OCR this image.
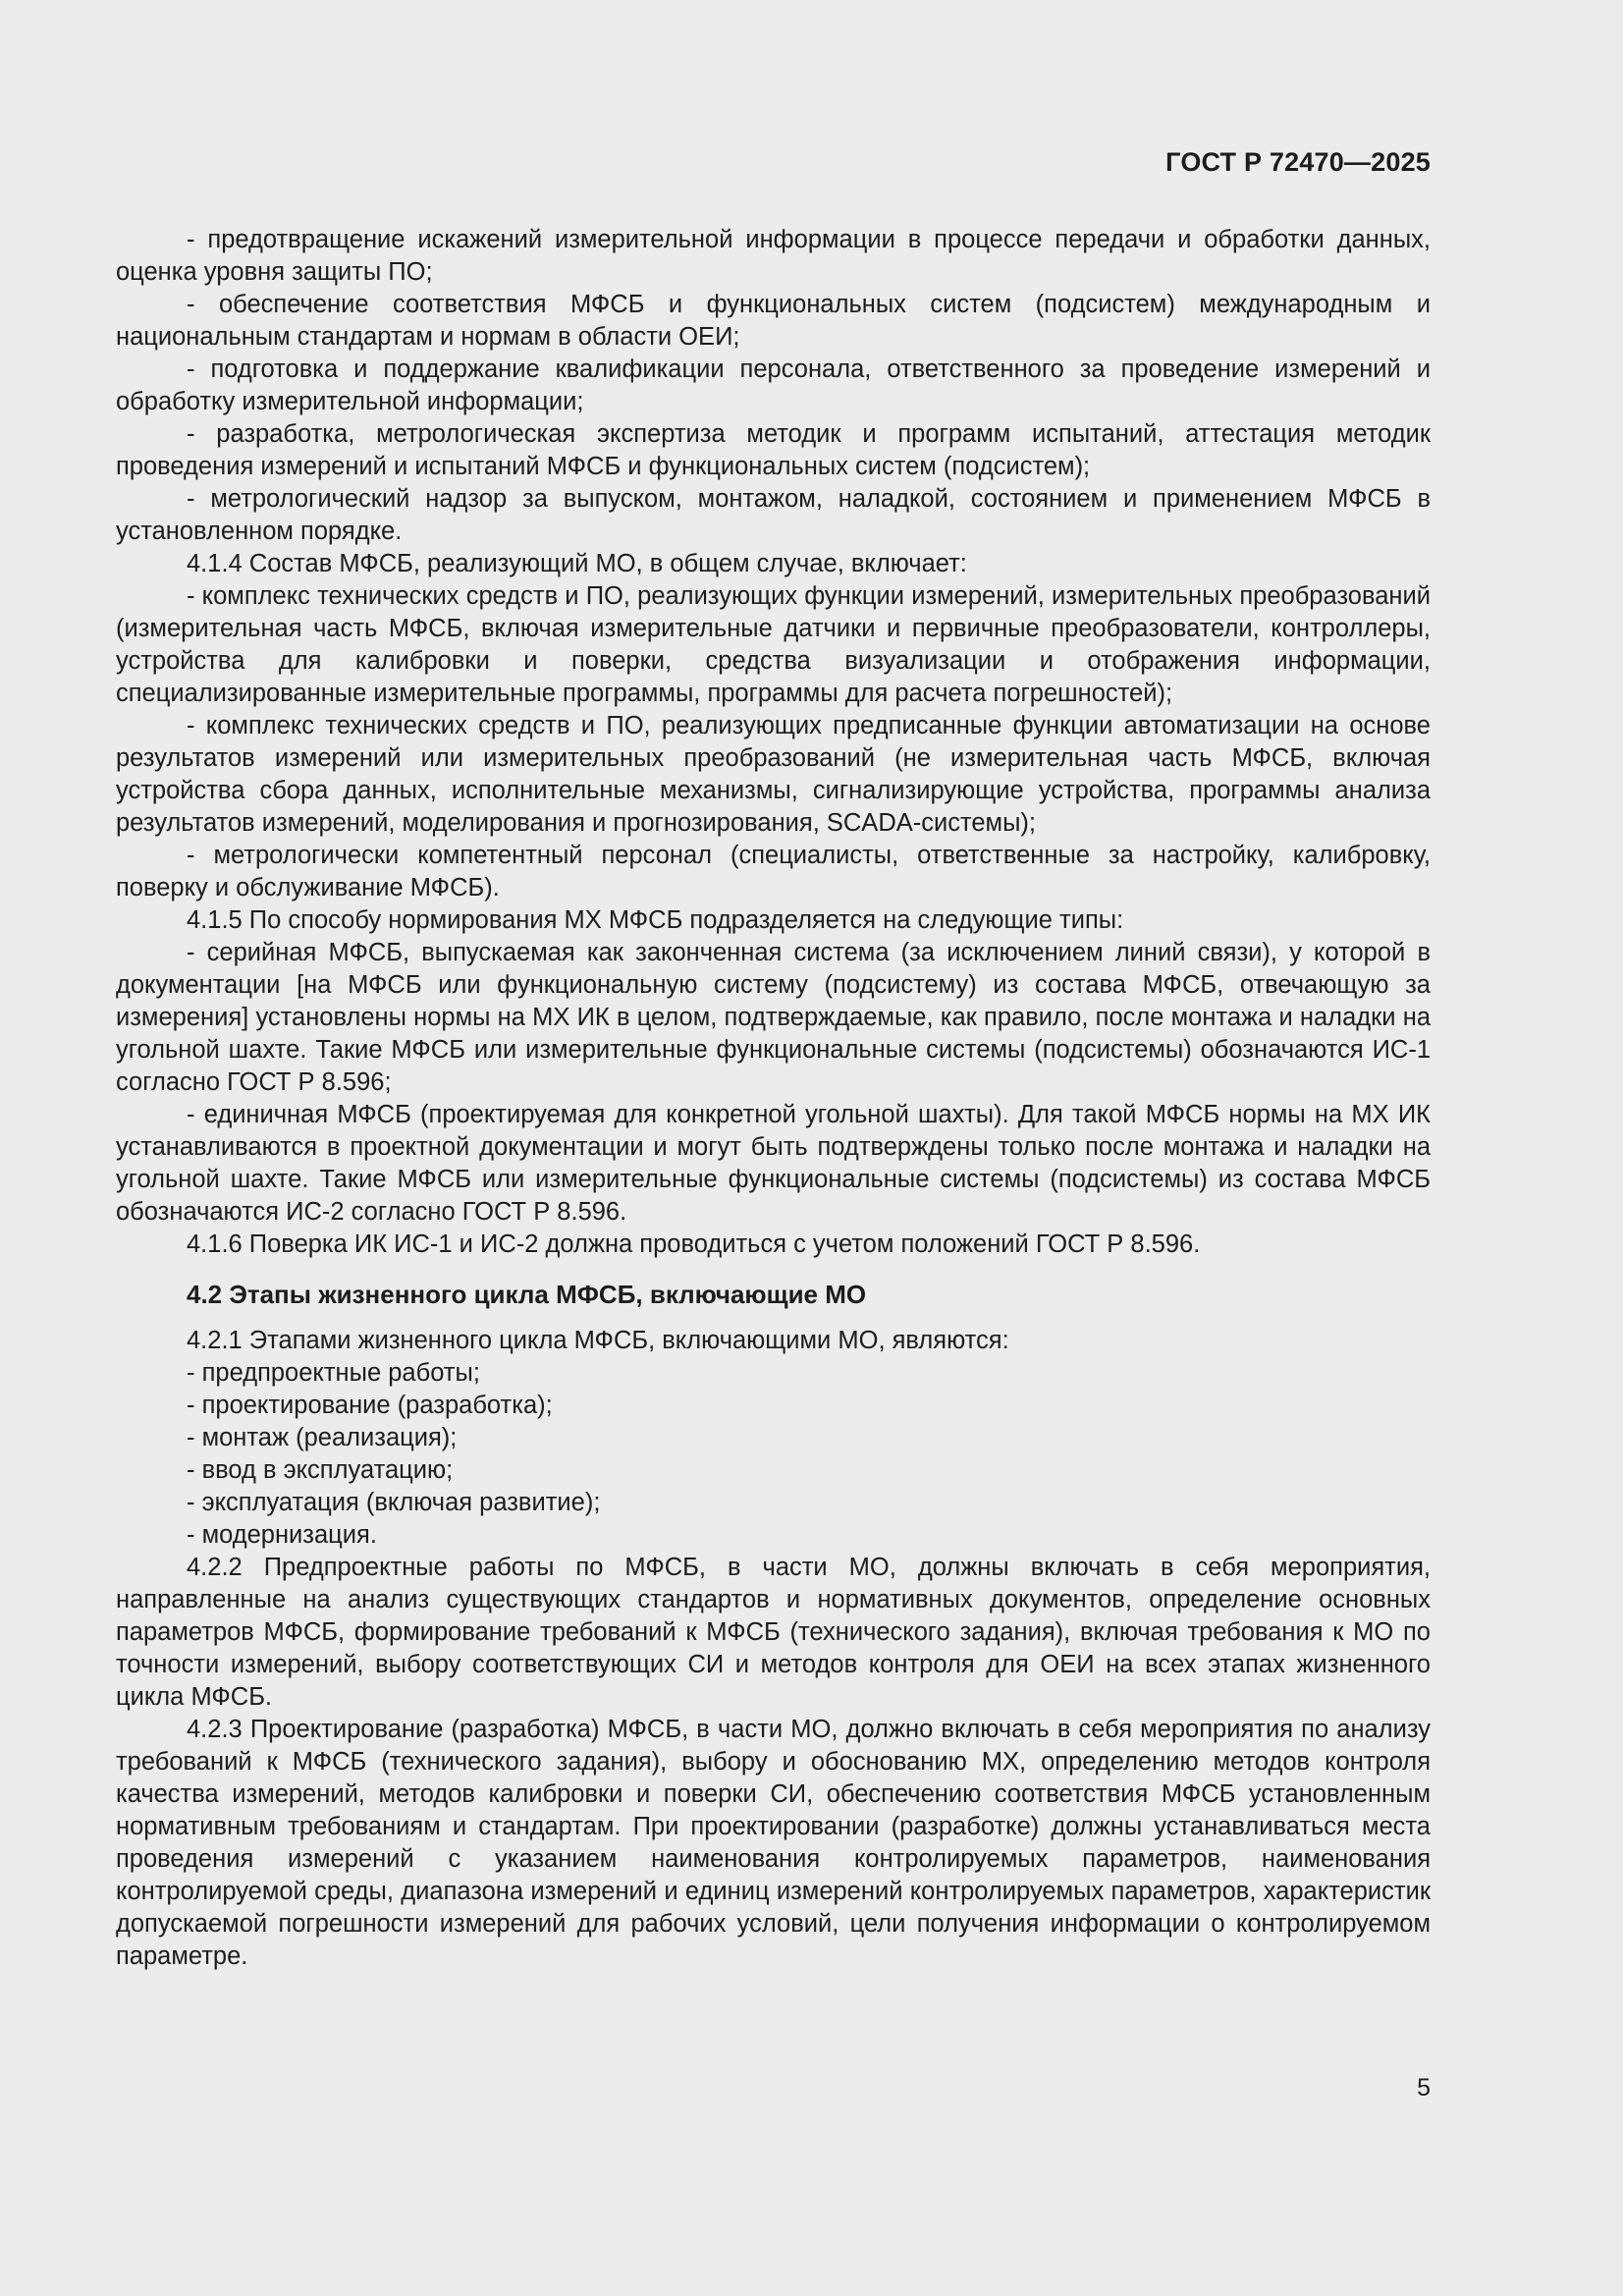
ГОСТ Р 72470—2025

- предотвращение искажений измерительной информации в процессе передачи и обработки данных, оценка уровня защиты ПО;

- обеспечение соответствия МФСБ и функциональных систем (подсистем) международным и национальным стандартам и нормам в области ОЕИ;

- подготовка и поддержание квалификации персонала, ответственного за проведение измерений и обработку измерительной информации;

- разработка, метрологическая экспертиза методик и программ испытаний, аттестация методик проведения измерений и испытаний МФСБ и функциональных систем (подсистем);

- метрологический надзор за выпуском, монтажом, наладкой, состоянием и применением МФСБ в установленном порядке.

4.1.4 Состав МФСБ, реализующий МО, в общем случае, включает:

- комплекс технических средств и ПО, реализующих функции измерений, измерительных преобразований (измерительная часть МФСБ, включая измерительные датчики и первичные преобразователи, контроллеры, устройства для калибровки и поверки, средства визуализации и отображения информации, специализированные измерительные программы, программы для расчета погрешностей);

- комплекс технических средств и ПО, реализующих предписанные функции автоматизации на основе результатов измерений или измерительных преобразований (не измерительная часть МФСБ, включая устройства сбора данных, исполнительные механизмы, сигнализирующие устройства, программы анализа результатов измерений, моделирования и прогнозирования, SCADA-системы);

- метрологически компетентный персонал (специалисты, ответственные за настройку, калибровку, поверку и обслуживание МФСБ).

4.1.5 По способу нормирования МХ МФСБ подразделяется на следующие типы:

- серийная МФСБ, выпускаемая как законченная система (за исключением линий связи), у которой в документации [на МФСБ или функциональную систему (подсистему) из состава МФСБ, отвечающую за измерения] установлены нормы на МХ ИК в целом, подтверждаемые, как правило, после монтажа и наладки на угольной шахте. Такие МФСБ или измерительные функциональные системы (подсистемы) обозначаются ИС-1 согласно ГОСТ Р 8.596;

- единичная МФСБ (проектируемая для конкретной угольной шахты). Для такой МФСБ нормы на МХ ИК устанавливаются в проектной документации и могут быть подтверждены только после монтажа и наладки на угольной шахте. Такие МФСБ или измерительные функциональные системы (подсистемы) из состава МФСБ обозначаются ИС-2 согласно ГОСТ Р 8.596.

4.1.6 Поверка ИК ИС-1 и ИС-2 должна проводиться с учетом положений ГОСТ Р 8.596.

4.2 Этапы жизненного цикла МФСБ, включающие МО

4.2.1 Этапами жизненного цикла МФСБ, включающими МО, являются:

- предпроектные работы;

- проектирование (разработка);

- монтаж (реализация);

- ввод в эксплуатацию;

- эксплуатация (включая развитие);

- модернизация.

4.2.2 Предпроектные работы по МФСБ, в части МО, должны включать в себя мероприятия, направленные на анализ существующих стандартов и нормативных документов, определение основных параметров МФСБ, формирование требований к МФСБ (технического задания), включая требования к МО по точности измерений, выбору соответствующих СИ и методов контроля для ОЕИ на всех этапах жизненного цикла МФСБ.

4.2.3 Проектирование (разработка) МФСБ, в части МО, должно включать в себя мероприятия по анализу требований к МФСБ (технического задания), выбору и обоснованию МХ, определению методов контроля качества измерений, методов калибровки и поверки СИ, обеспечению соответствия МФСБ установленным нормативным требованиям и стандартам. При проектировании (разработке) должны устанавливаться места проведения измерений с указанием наименования контролируемых параметров, наименования контролируемой среды, диапазона измерений и единиц измерений контролируемых параметров, характеристик допускаемой погрешности измерений для рабочих условий, цели получения информации о контролируемом параметре.

5
